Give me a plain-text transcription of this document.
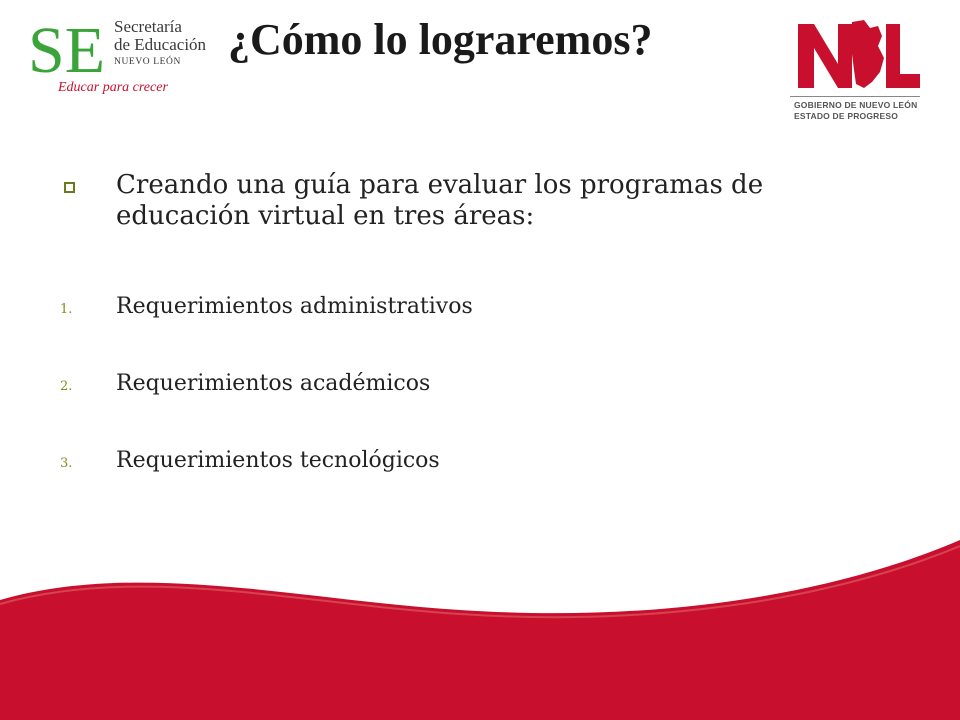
SE Secretaría
de Educación
NUEVO LEÓN
Educar para crecer
¿Cómo lo lograremos?
GOBIERNO DE NUEVO LEÓN
ESTADO DE PROGRESO
Creando una guía para evaluar los programas de educación virtual en tres áreas:
1. Requerimientos administrativos
2. Requerimientos académicos
3. Requerimientos tecnológicos
